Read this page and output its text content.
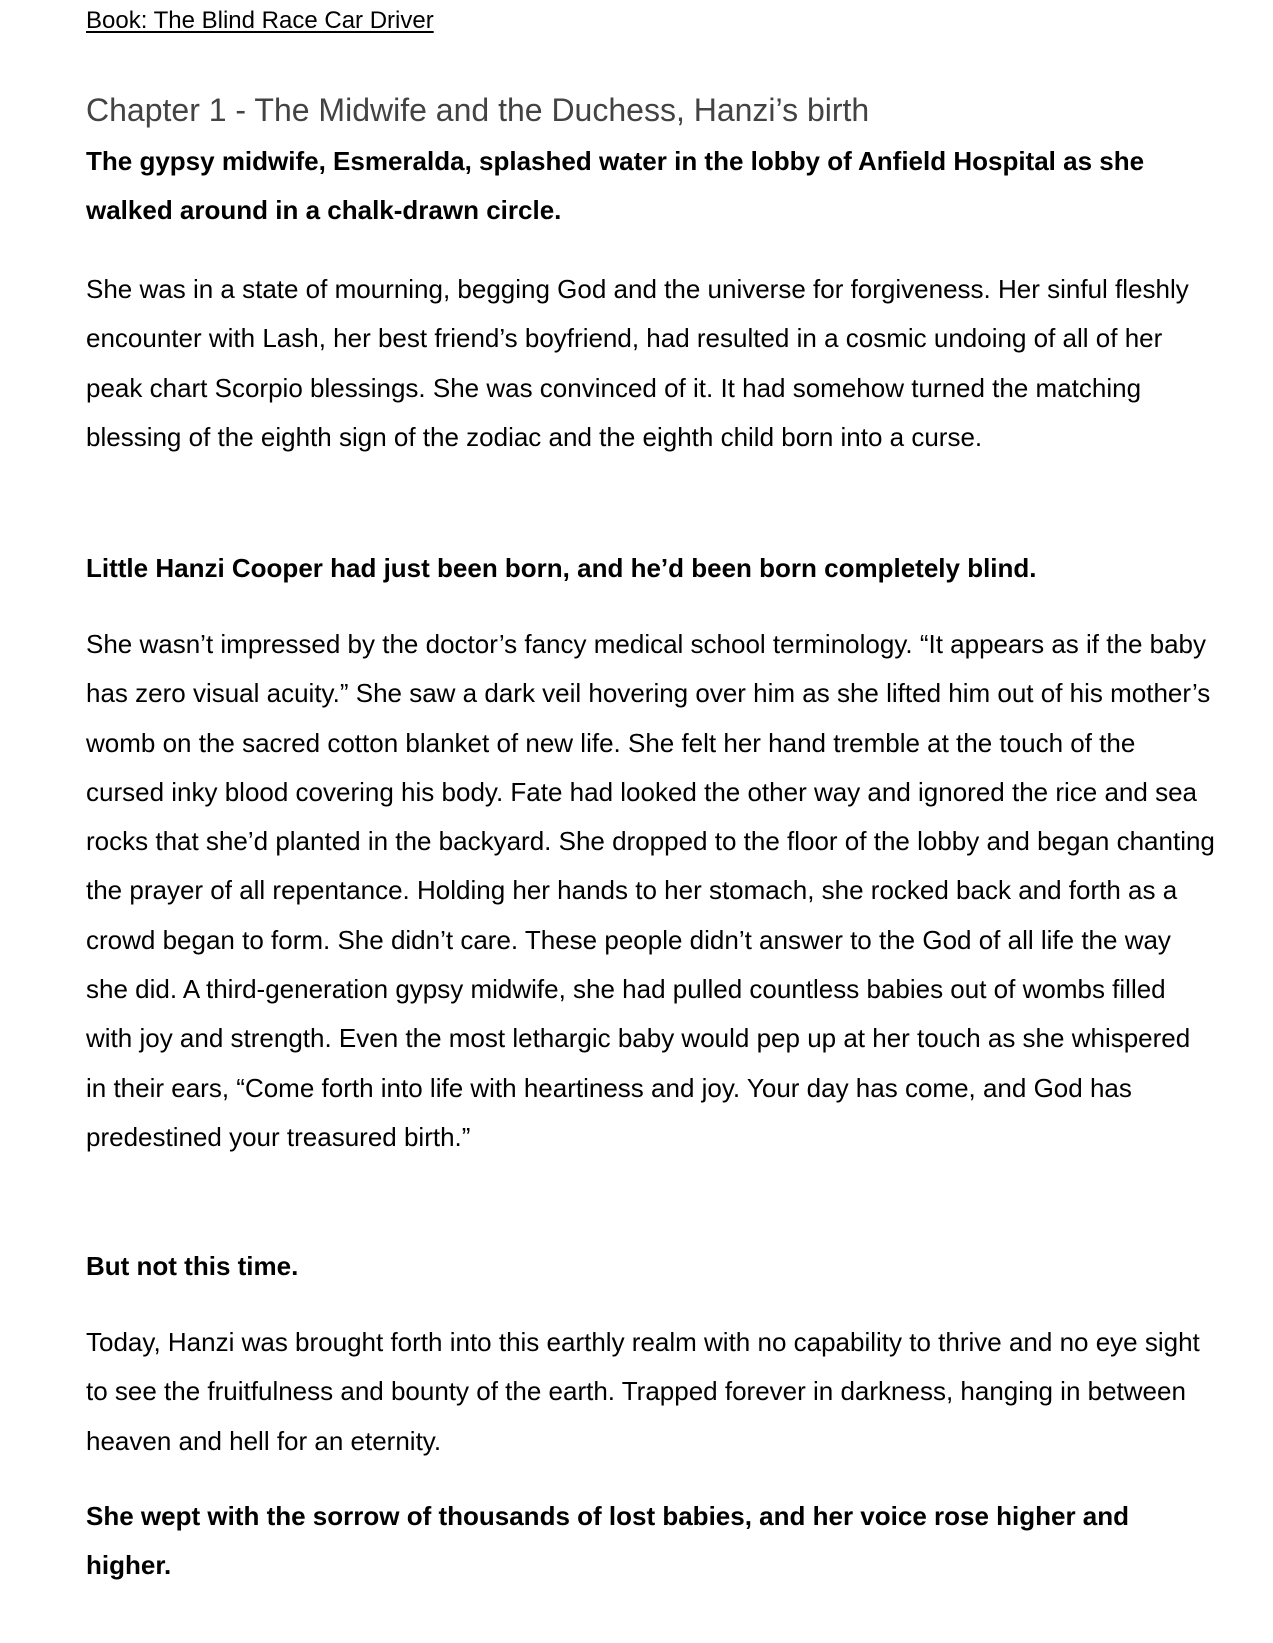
Book: The Blind Race Car Driver
Chapter 1 - The Midwife and the Duchess, Hanzi’s birth

The gypsy midwife, Esmeralda, splashed water in the lobby of Anfield Hospital as she walked around in a chalk-drawn circle.

She was in a state of mourning, begging God and the universe for forgiveness. Her sinful fleshly encounter with Lash, her best friend’s boyfriend, had resulted in a cosmic undoing of all of her peak chart Scorpio blessings. She was convinced of it. It had somehow turned the matching blessing of the eighth sign of the zodiac and the eighth child born into a curse.

Little Hanzi Cooper had just been born, and he’d been born completely blind.

She wasn’t impressed by the doctor’s fancy medical school terminology. “It appears as if the baby has zero visual acuity.” She saw a dark veil hovering over him as she lifted him out of his mother’s womb on the sacred cotton blanket of new life. She felt her hand tremble at the touch of the cursed inky blood covering his body. Fate had looked the other way and ignored the rice and sea rocks that she’d planted in the backyard. She dropped to the floor of the lobby and began chanting the prayer of all repentance. Holding her hands to her stomach, she rocked back and forth as a crowd began to form. She didn’t care. These people didn’t answer to the God of all life the way she did. A third-generation gypsy midwife, she had pulled countless babies out of wombs filled with joy and strength. Even the most lethargic baby would pep up at her touch as she whispered in their ears, “Come forth into life with heartiness and joy. Your day has come, and God has predestined your treasured birth.”

But not this time.

Today, Hanzi was brought forth into this earthly realm with no capability to thrive and no eye sight to see the fruitfulness and bounty of the earth. Trapped forever in darkness, hanging in between heaven and hell for an eternity.

She wept with the sorrow of thousands of lost babies, and her voice rose higher and higher.
